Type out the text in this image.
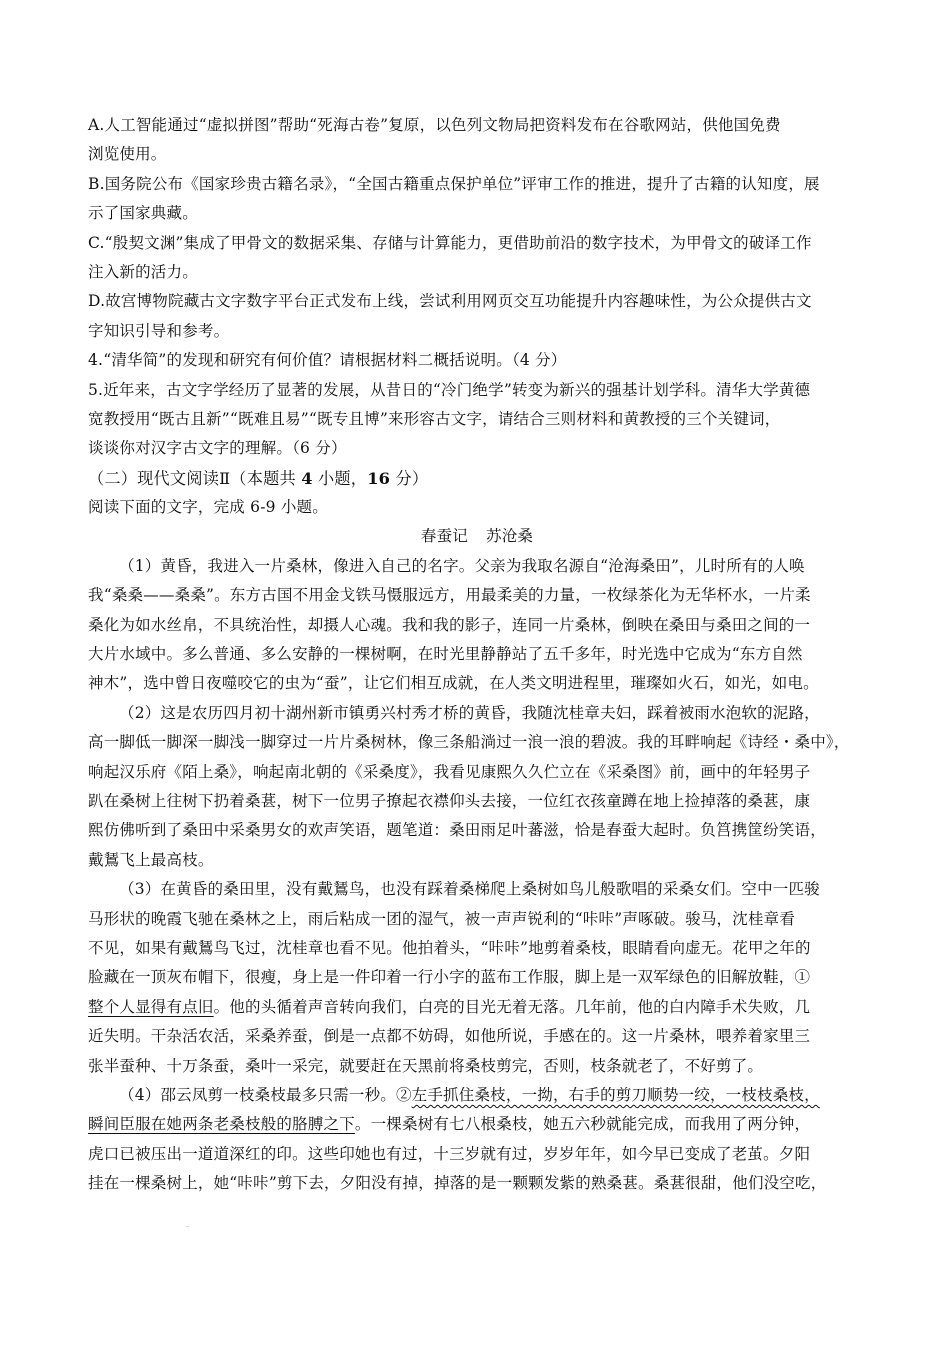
A.人工智能通过“虚拟拼图”帮助“死海古卷”复原，以色列文物局把资料发布在谷歌网站，供他国免费
浏览使用。
B.国务院公布《国家珍贵古籍名录》，“全国古籍重点保护单位”评审工作的推进，提升了古籍的认知度，展
示了国家典藏。
C.“殷契文渊”集成了甲骨文的数据采集、存储与计算能力，更借助前沿的数字技术，为甲骨文的破译工作
注入新的活力。
D.故宫博物院藏古文字数字平台正式发布上线，尝试利用网页交互功能提升内容趣味性，为公众提供古文
字知识引导和参考。
4.“清华简”的发现和研究有何价值？请根据材料二概括说明。（4 分）
5.近年来，古文字学经历了显著的发展，从昔日的“冷门绝学”转变为新兴的强基计划学科。清华大学黄德
宽教授用“既古且新”“既难且易”“既专且博”来形容古文字，请结合三则材料和黄教授的三个关键词，
谈谈你对汉字古文字的理解。（6 分）
（二）现代文阅读Ⅱ（本题共 4 小题，16 分）
阅读下面的文字，完成 6-9 小题。
春蚕记 苏沧桑
（1）黄昏，我进入一片桑林，像进入自己的名字。父亲为我取名源自“沧海桑田”，儿时所有的人唤
我“桑桑——桑桑”。东方古国不用金戈铁马慑服远方，用最柔美的力量，一枚绿茶化为无华杯水，一片柔
桑化为如水丝帛，不具统治性，却摄人心魂。我和我的影子，连同一片桑林，倒映在桑田与桑田之间的一
大片水域中。多么普通、多么安静的一棵树啊，在时光里静静站了五千多年，时光选中它成为“东方自然
神木”，选中曾日夜噬咬它的虫为“蚕”，让它们相互成就，在人类文明进程里，璀璨如火石，如光，如电。
（2）这是农历四月初十湖州新市镇勇兴村秀才桥的黄昏，我随沈桂章夫妇，踩着被雨水泡软的泥路，
高一脚低一脚深一脚浅一脚穿过一片片桑树林，像三条船淌过一浪一浪的碧波。我的耳畔响起《诗经・桑中》，
响起汉乐府《陌上桑》，响起南北朝的《采桑度》，我看见康熙久久伫立在《采桑图》前，画中的年轻男子
趴在桑树上往树下扔着桑葚，树下一位男子撩起衣襟仰头去接，一位红衣孩童蹲在地上捡掉落的桑葚，康
熙仿佛听到了桑田中采桑男女的欢声笑语，题笔道：桑田雨足叶蕃滋，恰是春蚕大起时。负筥携筐纷笑语，
戴鵟飞上最高枝。
（3）在黄昏的桑田里，没有戴鵟鸟，也没有踩着桑梯爬上桑树如鸟儿般歌唱的采桑女们。空中一匹骏
马形状的晚霞飞驰在桑林之上，雨后粘成一团的湿气，被一声声锐利的“咔咔”声啄破。骏马，沈桂章看
不见，如果有戴鵟鸟飞过，沈桂章也看不见。他拍着头，“咔咔”地剪着桑枝，眼睛看向虚无。花甲之年的
脸藏在一顶灰布帽下，很瘦，身上是一件印着一行小字的蓝布工作服，脚上是一双军绿色的旧解放鞋，①
整个人显得有点旧。他的头循着声音转向我们，白亮的目光无着无落。几年前，他的白内障手术失败，几
近失明。干杂活农活，采桑养蚕，倒是一点都不妨碍，如他所说，手感在的。这一片桑林，喂养着家里三
张半蚕种、十万条蚕，桑叶一采完，就要赶在天黑前将桑枝剪完，否则，枝条就老了，不好剪了。
（4）邵云凤剪一枝桑枝最多只需一秒。②左手抓住桑枝，一拗，右手的剪刀顺势一绞，一枝枝桑枝，
瞬间臣服在她两条老桑枝般的胳膊之下。一棵桑树有七八根桑枝，她五六秒就能完成，而我用了两分钟，
虎口已被压出一道道深红的印。这些印她也有过，十三岁就有过，岁岁年年，如今早已变成了老茧。夕阳
挂在一棵桑树上，她“咔咔”剪下去，夕阳没有掉，掉落的是一颗颗发紫的熟桑葚。桑葚很甜，他们没空吃，
